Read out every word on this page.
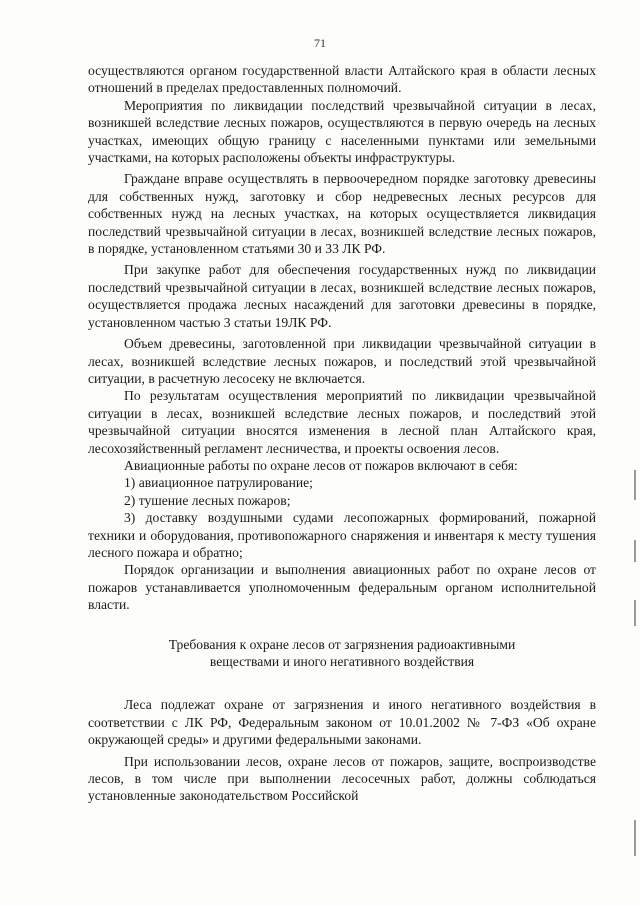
71

осуществляются органом государственной власти Алтайского края в области лесных отношений в пределах предоставленных полномочий.

Мероприятия по ликвидации последствий чрезвычайной ситуации в лесах, возникшей вследствие лесных пожаров, осуществляются в первую очередь на лесных участках, имеющих общую границу с населенными пунктами или земельными участками, на которых расположены объекты инфраструктуры.

Граждане вправе осуществлять в первоочередном порядке заготовку древесины для собственных нужд, заготовку и сбор недревесных лесных ресурсов для собственных нужд на лесных участках, на которых осуществляется ликвидация последствий чрезвычайной ситуации в лесах, возникшей вследствие лесных пожаров, в порядке, установленном статьями 30 и 33 ЛК РФ.

При закупке работ для обеспечения государственных нужд по ликвидации последствий чрезвычайной ситуации в лесах, возникшей вследствие лесных пожаров, осуществляется продажа лесных насаждений для заготовки древесины в порядке, установленном частью 3 статьи 19ЛК РФ.

Объем древесины, заготовленной при ликвидации чрезвычайной ситуации в лесах, возникшей вследствие лесных пожаров, и последствий этой чрезвычайной ситуации, в расчетную лесосеку не включается.

По результатам осуществления мероприятий по ликвидации чрезвычайной ситуации в лесах, возникшей вследствие лесных пожаров, и последствий этой чрезвычайной ситуации вносятся изменения в лесной план Алтайского края, лесохозяйственный регламент лесничества, и проекты освоения лесов.

Авиационные работы по охране лесов от пожаров включают в себя:

1) авиационное патрулирование;

2) тушение лесных пожаров;

3) доставку воздушными судами лесопожарных формирований, пожарной техники и оборудования, противопожарного снаряжения и инвентаря к месту тушения лесного пожара и обратно;

Порядок организации и выполнения авиационных работ по охране лесов от пожаров устанавливается уполномоченным федеральным органом исполнительной власти.

Требования к охране лесов от загрязнения радиоактивными
веществами и иного негативного воздействия

Леса подлежат охране от загрязнения и иного негативного воздействия в соответствии с ЛК РФ, Федеральным законом от 10.01.2002 № 7-ФЗ «Об охране окружающей среды» и другими федеральными законами.

При использовании лесов, охране лесов от пожаров, защите, воспроизводстве лесов, в том числе при выполнении лесосечных работ, должны соблюдаться установленные законодательством Российской
